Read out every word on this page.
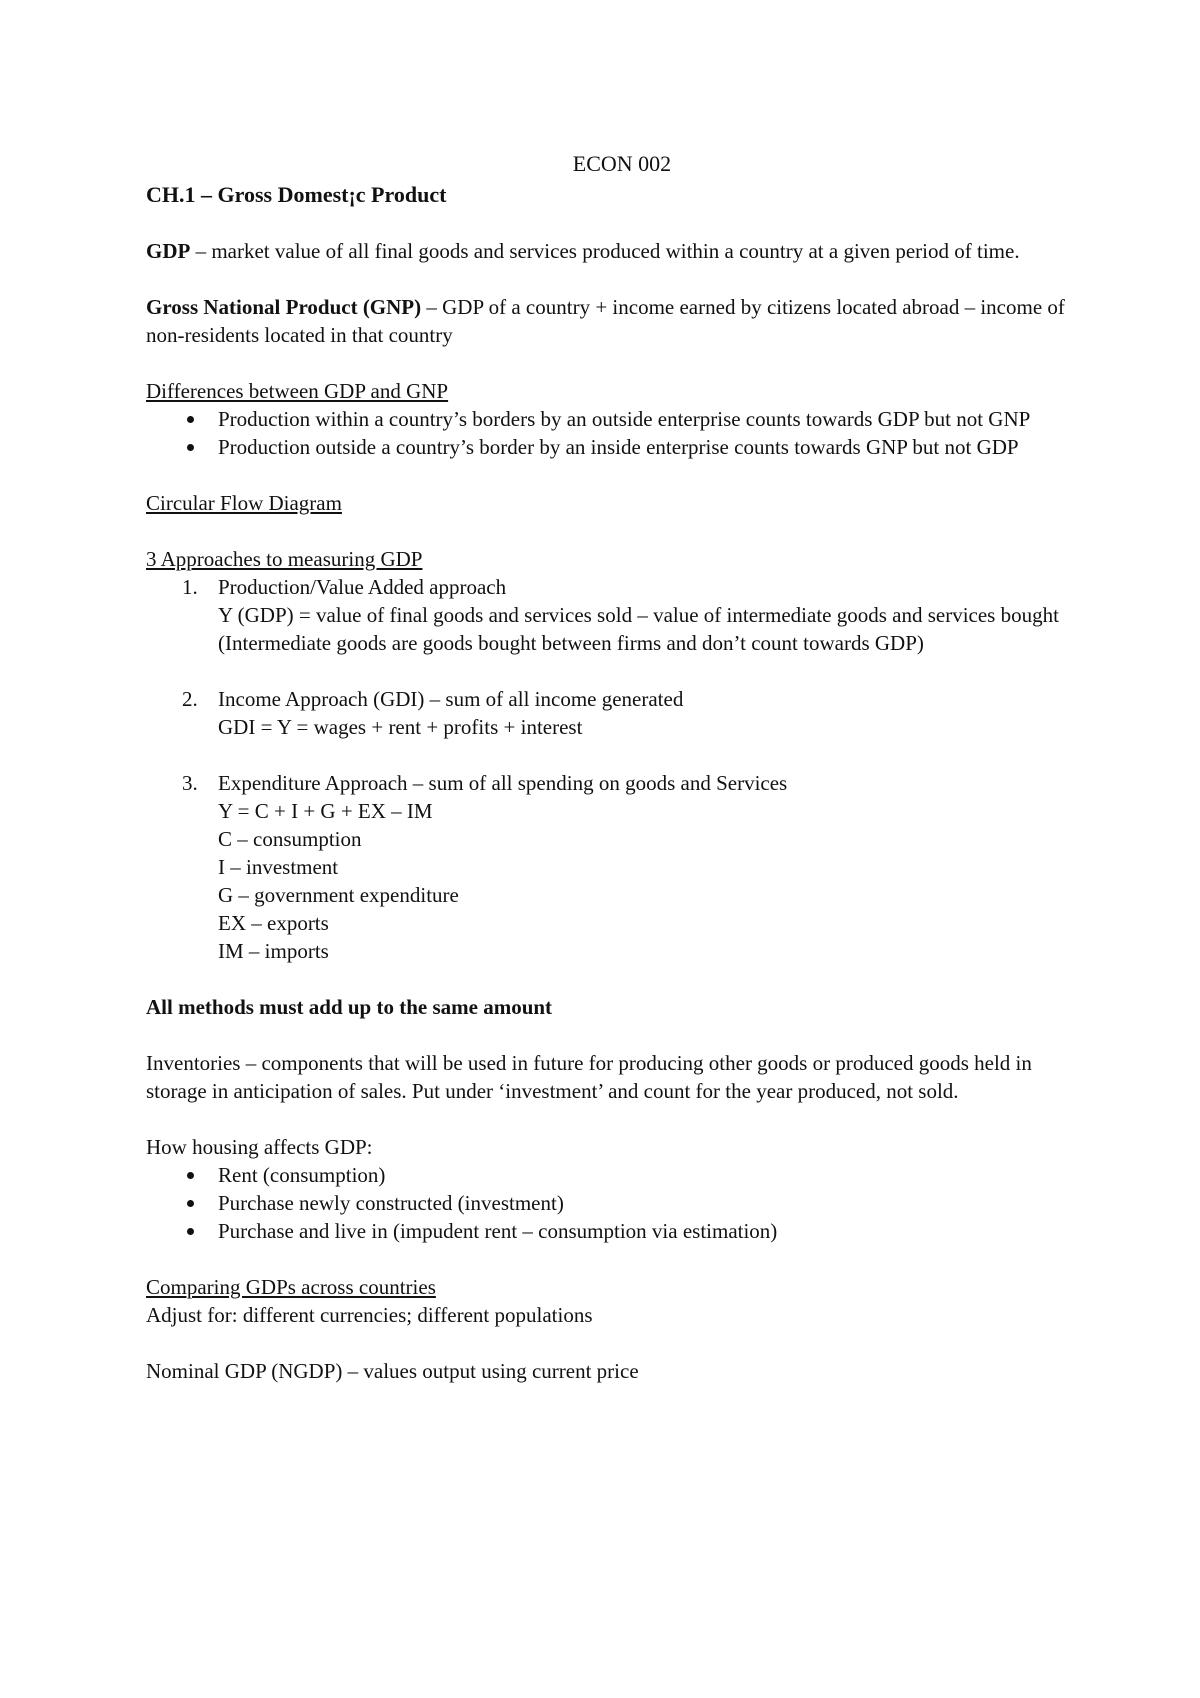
ECON 002

CH.1 – Gross Domest¡c Product

GDP – market value of all final goods and services produced within a country at a given period of time.

Gross National Product (GNP) – GDP of a country + income earned by citizens located abroad – income of non-residents located in that country

Differences between GDP and GNP

Production within a country’s borders by an outside enterprise counts towards GDP but not GNP
Production outside a country’s border by an inside enterprise counts towards GNP but not GDP

Circular Flow Diagram

3 Approaches to measuring GDP

1. Production/Value Added approach
Y (GDP) = value of final goods and services sold – value of intermediate goods and services bought
(Intermediate goods are goods bought between firms and don’t count towards GDP)
2. Income Approach (GDI) – sum of all income generated
GDI = Y = wages + rent + profits + interest
3. Expenditure Approach – sum of all spending on goods and Services
Y = C + I + G + EX – IM
C – consumption
I – investment
G – government expenditure
EX – exports
IM – imports

All methods must add up to the same amount

Inventories – components that will be used in future for producing other goods or produced goods held in storage in anticipation of sales. Put under ‘investment’ and count for the year produced, not sold.

How housing affects GDP:

Rent (consumption)
Purchase newly constructed (investment)
Purchase and live in (impudent rent – consumption via estimation)

Comparing GDPs across countries

Adjust for: different currencies; different populations

Nominal GDP (NGDP) – values output using current price
